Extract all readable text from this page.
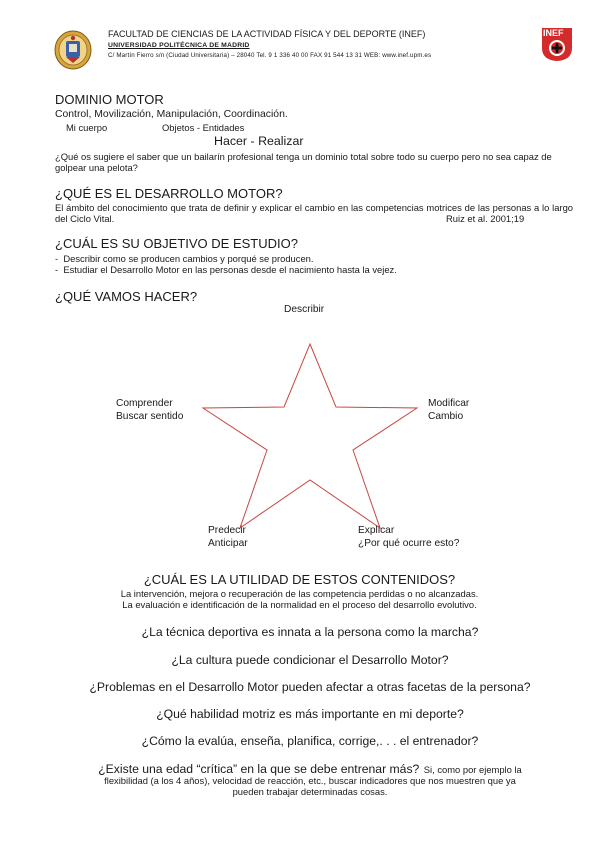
FACULTAD DE CIENCIAS DE LA ACTIVIDAD FÍSICA Y DEL DEPORTE (INEF)
UNIVERSIDAD POLITÉCNICA DE MADRID
C/ Martín Fierro s/n (Ciudad Universitaria) – 28040 Tel. 9 1 336 40 00 FAX 91 544 13 31 WEB: www.inef.upm.es
INEF
DOMINIO MOTOR
Control, Movilización, Manipulación, Coordinación.
Mi cuerpo	Objetos - Entidades
Hacer - Realizar
¿Qué os sugiere el saber que un bailarín profesional tenga un dominio total sobre todo su cuerpo pero no sea capaz de golpear una pelota?
¿QUÉ ES EL DESARROLLO MOTOR?
El ámbito del conocimiento que trata de definir y explicar el cambio en las competencias motrices de las personas a lo largo del Ciclo Vital.	Ruiz et al. 2001;19
¿CUÁL ES SU OBJETIVO DE ESTUDIO?
-  Describir como se producen cambios y porqué se producen.
-  Estudiar el Desarrollo Motor en las personas desde el nacimiento hasta la vejez.
¿QUÉ VAMOS HACER?
Describir
Comprender
Buscar sentido
Modificar
Cambio
Predecir
Anticipar
Explicar
¿Por qué ocurre esto?
¿CUÁL ES LA UTILIDAD DE ESTOS CONTENIDOS?
La intervención, mejora o recuperación de las competencia perdidas o no alcanzadas.
La evaluación e identificación de la normalidad en el proceso del desarrollo evolutivo.
¿La técnica deportiva es innata a la persona como la marcha?
¿La cultura puede condicionar el Desarrollo Motor?
¿Problemas en el Desarrollo Motor pueden afectar a otras facetas de la persona?
¿Qué habilidad motriz es más importante en mi deporte?
¿Cómo la evalúa, enseña, planifica, corrige,. . . el entrenador?
¿Existe una edad “crítica” en la que se debe entrenar más? Si, como por ejemplo la
flexibilidad (a los 4 años), velocidad de reacción, etc., buscar indicadores que nos muestren que ya
pueden trabajar determinadas cosas.
